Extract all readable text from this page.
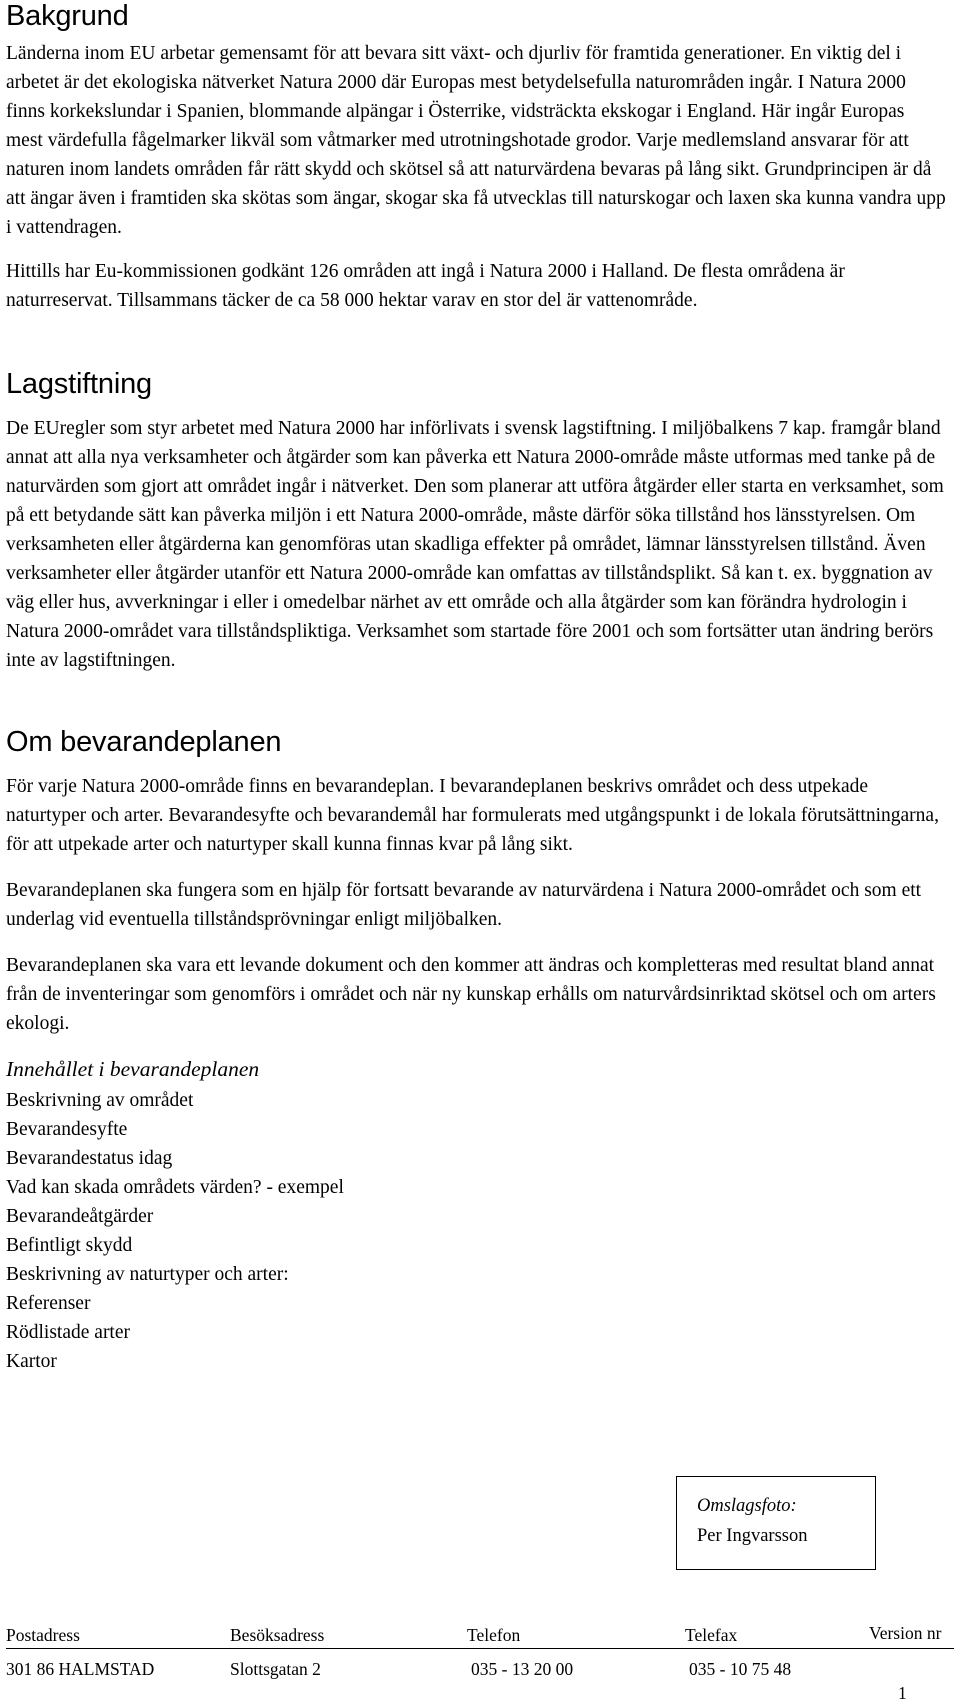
Bakgrund

Länderna inom EU arbetar gemensamt för att bevara sitt växt- och djurliv för framtida generationer. En viktig del i arbetet är det ekologiska nätverket Natura 2000 där Europas mest betydelsefulla naturområden ingår. I Natura 2000 finns korkekslundar i Spanien, blommande alpängar i Österrike, vidsträckta ekskogar i England. Här ingår Europas mest värdefulla fågelmarker likväl som våtmarker med utrotningshotade grodor. Varje medlemsland ansvarar för att naturen inom landets områden får rätt skydd och skötsel så att naturvärdena bevaras på lång sikt. Grundprincipen är då att ängar även i framtiden ska skötas som ängar, skogar ska få utvecklas till naturskogar och laxen ska kunna vandra upp i vattendragen.

Hittills har Eu-kommissionen godkänt 126 områden att ingå i Natura 2000 i Halland. De flesta områdena är naturreservat. Tillsammans täcker de ca 58 000 hektar varav en stor del är vattenområde.

Lagstiftning

De EUregler som styr arbetet med Natura 2000 har införlivats i svensk lagstiftning. I miljöbalkens 7 kap. framgår bland annat att alla nya verksamheter och åtgärder som kan påverka ett Natura 2000-område måste utformas med tanke på de naturvärden som gjort att området ingår i nätverket. Den som planerar att utföra åtgärder eller starta en verksamhet, som på ett betydande sätt kan påverka miljön i ett Natura 2000-område, måste därför söka tillstånd hos länsstyrelsen. Om verksamheten eller åtgärderna kan genomföras utan skadliga effekter på området, lämnar länsstyrelsen tillstånd. Även verksamheter eller åtgärder utanför ett Natura 2000-område kan omfattas av tillståndsplikt. Så kan t. ex. byggnation av väg eller hus, avverkningar i eller i omedelbar närhet av ett område och alla åtgärder som kan förändra hydrologin i Natura 2000-området vara tillståndspliktiga. Verksamhet som startade före 2001 och som fortsätter utan ändring berörs inte av lagstiftningen.

Om bevarandeplanen

För varje Natura 2000-område finns en bevarandeplan. I bevarandeplanen beskrivs området och dess utpekade naturtyper och arter. Bevarandesyfte och bevarandemål har formulerats med utgångspunkt i de lokala förutsättningarna, för att utpekade arter och naturtyper skall kunna finnas kvar på lång sikt.

Bevarandeplanen ska fungera som en hjälp för fortsatt bevarande av naturvärdena i Natura 2000-området och som ett underlag vid eventuella tillståndsprövningar enligt miljöbalken.

Bevarandeplanen ska vara ett levande dokument och den kommer att ändras och kompletteras med resultat bland annat från de inventeringar som genomförs i området och när ny kunskap erhålls om naturvårdsinriktad skötsel och om arters ekologi.

Innehållet i bevarandeplanen

Beskrivning av området
Bevarandesyfte
Bevarandestatus idag
Vad kan skada områdets värden? - exempel
Bevarandeåtgärder
Befintligt skydd
Beskrivning av naturtyper och arter:
Referenser
Rödlistade arter
Kartor
Omslagsfoto:
Per Ingvarsson
Postadress	Besöksadress	Telefon	Telefax	Version nr
301 86 HALMSTAD	Slottsgatan 2	035 - 13 20 00	035 - 10 75 48
1
